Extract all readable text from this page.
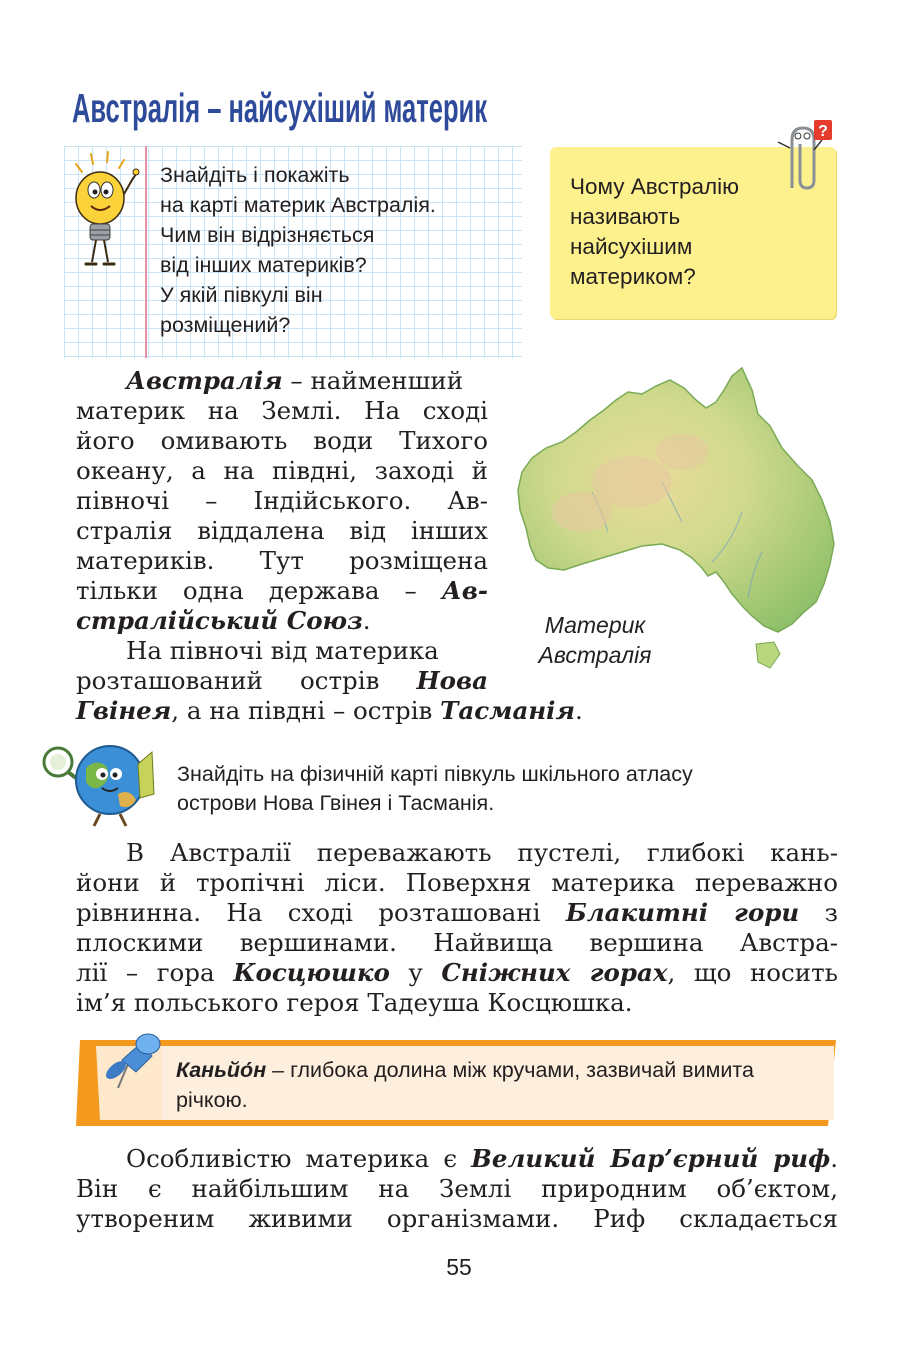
Австралія – найсухіший материк
Знайдіть і покажіть
на карті материк Австралія.
Чим він відрізняється
від інших материків?
У якій півкулі він
розміщений?
?
Чому Австралію
називають
найсухішим
материком?
Австралія – найменший
материк на Землі. На сході
його омивають води Тихого
океану, а на півдні, заході й
півночі – Індійського. Ав-
стралія віддалена від інших
материків. Тут розміщена
тільки одна держава – Ав-
стралійський Союз.
На півночі від материка
розташований острів Нова
Гвінея, а на півдні – острів Тасманія.
Материк
Австралія
Знайдіть на фізичній карті півкуль шкільного атласу
острови Нова Гвінея і Тасманія.
В Австралії переважають пустелі, глибокі кань-
йони й тропічні ліси. Поверхня материка переважно
рівнинна. На сході розташовані Блакитні гори з
плоскими вершинами. Найвища вершина Австра-
лії – гора Косцюшко у Сніжних горах, що носить
ім’я польського героя Тадеуша Косцюшка.
Каньйо́н – глибока долина між кручами, зазвичай вимита річкою.
Особливістю материка є Великий Бар’єрний риф.
Він є найбільшим на Землі природним об’єктом,
утвореним живими організмами. Риф складається
55
